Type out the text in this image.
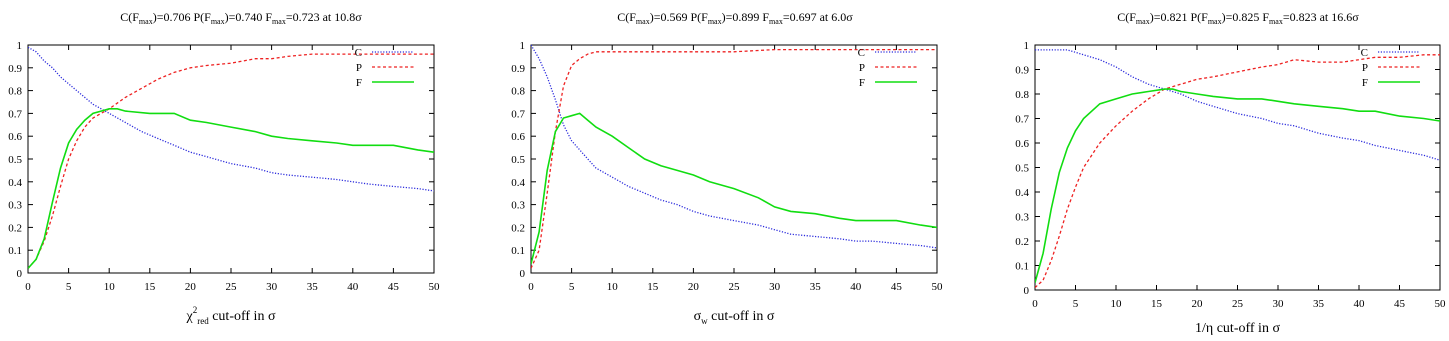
0
0.1
0.2
0.3
0.4
0.5
0.6
0.7
0.8
0.9
1
0	5	10	15	20	25	30	35	40	45	50
$C(F_{max})=0.706$ $P(F_{max})=0.740$ $F_{max}=0.723$ at 10.8σ
$\chi^2_{red}$ cut-off in σ
C
P
F
0
0.1
0.2
0.3
0.4
0.5
0.6
0.7
0.8
0.9
1
0	5	10	15	20	25	30	35	40	45	50
$C(F_{max})=0.569$ $P(F_{max})=0.899$ $F_{max}=0.697$ at 6.0σ
$\sigma_w$ cut-off in σ
C
P
F
0
0.1
0.2
0.3
0.4
0.5
0.6
0.7
0.8
0.9
1
0	5	10	15	20	25	30	35	40	45	50
$C(F_{max})=0.821$ $P(F_{max})=0.825$ $F_{max}=0.823$ at 16.6σ
1/η cut-off in σ
C
P
F
